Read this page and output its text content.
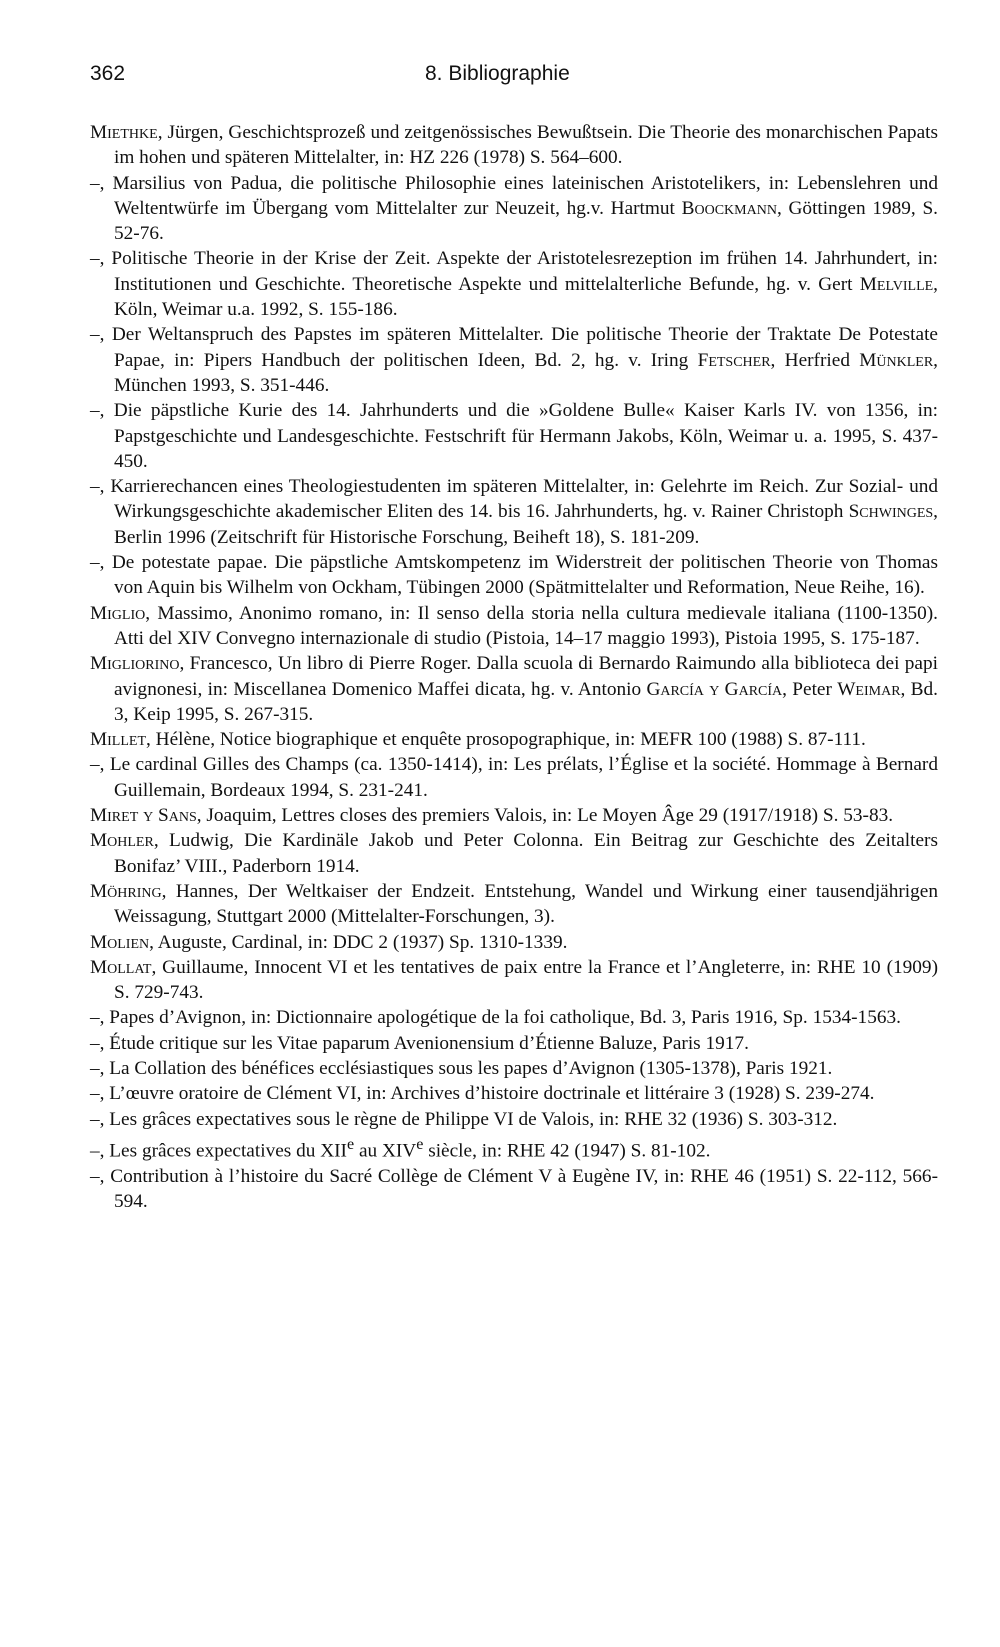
362	8. Bibliographie

Miethke, Jürgen, Geschichtsprozeß und zeitgenössisches Bewußtsein. Die Theorie des monarchischen Papats im hohen und späteren Mittelalter, in: HZ 226 (1978) S. 564–600.

–, Marsilius von Padua, die politische Philosophie eines lateinischen Aristotelikers, in: Lebenslehren und Weltentwürfe im Übergang vom Mittelalter zur Neuzeit, hg.v. Hartmut Boockmann, Göttingen 1989, S. 52-76.

–, Politische Theorie in der Krise der Zeit. Aspekte der Aristotelesrezeption im frühen 14. Jahrhundert, in: Institutionen und Geschichte. Theoretische Aspekte und mittelalterliche Befunde, hg. v. Gert Melville, Köln, Weimar u.a. 1992, S. 155-186.

–, Der Weltanspruch des Papstes im späteren Mittelalter. Die politische Theorie der Traktate De Potestate Papae, in: Pipers Handbuch der politischen Ideen, Bd. 2, hg. v. Iring Fetscher, Herfried Münkler, München 1993, S. 351-446.

–, Die päpstliche Kurie des 14. Jahrhunderts und die »Goldene Bulle« Kaiser Karls IV. von 1356, in: Papstgeschichte und Landesgeschichte. Festschrift für Hermann Jakobs, Köln, Weimar u. a. 1995, S. 437-450.

–, Karrierechancen eines Theologiestudenten im späteren Mittelalter, in: Gelehrte im Reich. Zur Sozial- und Wirkungsgeschichte akademischer Eliten des 14. bis 16. Jahrhunderts, hg. v. Rainer Christoph Schwinges, Berlin 1996 (Zeitschrift für Historische Forschung, Beiheft 18), S. 181-209.

–, De potestate papae. Die päpstliche Amtskompetenz im Widerstreit der politischen Theorie von Thomas von Aquin bis Wilhelm von Ockham, Tübingen 2000 (Spätmittelalter und Reformation, Neue Reihe, 16).

Miglio, Massimo, Anonimo romano, in: Il senso della storia nella cultura medievale italiana (1100-1350). Atti del XIV Convegno internazionale di studio (Pistoia, 14–17 maggio 1993), Pistoia 1995, S. 175-187.

Migliorino, Francesco, Un libro di Pierre Roger. Dalla scuola di Bernardo Raimundo alla biblioteca dei papi avignonesi, in: Miscellanea Domenico Maffei dicata, hg. v. Antonio García y García, Peter Weimar, Bd. 3, Keip 1995, S. 267-315.

Millet, Hélène, Notice biographique et enquête prosopographique, in: MEFR 100 (1988) S. 87-111.

–, Le cardinal Gilles des Champs (ca. 1350-1414), in: Les prélats, l’Église et la société. Hommage à Bernard Guillemain, Bordeaux 1994, S. 231-241.

Miret y Sans, Joaquim, Lettres closes des premiers Valois, in: Le Moyen Âge 29 (1917/1918) S. 53-83.

Mohler, Ludwig, Die Kardinäle Jakob und Peter Colonna. Ein Beitrag zur Geschichte des Zeitalters Bonifaz’ VIII., Paderborn 1914.

Möhring, Hannes, Der Weltkaiser der Endzeit. Entstehung, Wandel und Wirkung einer tausendjährigen Weissagung, Stuttgart 2000 (Mittelalter-Forschungen, 3).

Molien, Auguste, Cardinal, in: DDC 2 (1937) Sp. 1310-1339.

Mollat, Guillaume, Innocent VI et les tentatives de paix entre la France et l’Angleterre, in: RHE 10 (1909) S. 729-743.

–, Papes d’Avignon, in: Dictionnaire apologétique de la foi catholique, Bd. 3, Paris 1916, Sp. 1534-1563.

–, Étude critique sur les Vitae paparum Avenionensium d’Étienne Baluze, Paris 1917.

–, La Collation des bénéfices ecclésiastiques sous les papes d’Avignon (1305-1378), Paris 1921.

–, L’œuvre oratoire de Clément VI, in: Archives d’histoire doctrinale et littéraire 3 (1928) S. 239-274.

–, Les grâces expectatives sous le règne de Philippe VI de Valois, in: RHE 32 (1936) S. 303-312.

–, Les grâces expectatives du XIIe au XIVe siècle, in: RHE 42 (1947) S. 81-102.

–, Contribution à l’histoire du Sacré Collège de Clément V à Eugène IV, in: RHE 46 (1951) S. 22-112, 566-594.
